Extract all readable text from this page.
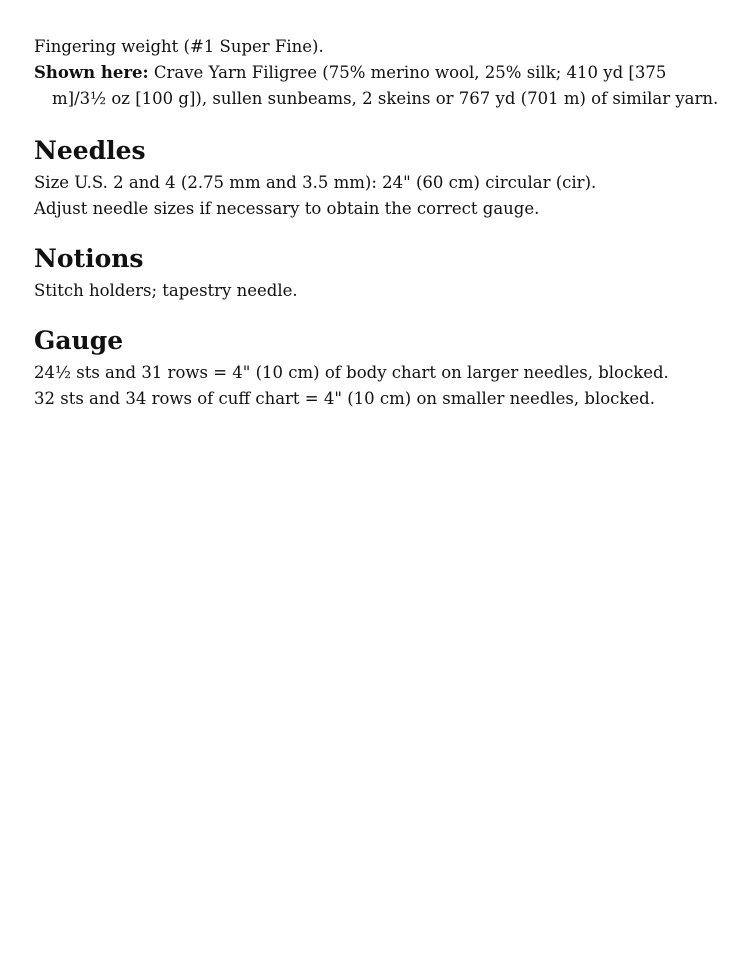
Fingering weight (#1 Super Fine).

Shown here: Crave Yarn Filigree (75% merino wool, 25% silk; 410 yd [375 m]/3½ oz [100 g]), sullen sunbeams, 2 skeins or 767 yd (701 m) of similar yarn.

Needles

Size U.S. 2 and 4 (2.75 mm and 3.5 mm): 24" (60 cm) circular (cir).

Adjust needle sizes if necessary to obtain the correct gauge.

Notions

Stitch holders; tapestry needle.

Gauge

24½ sts and 31 rows = 4" (10 cm) of body chart on larger needles, blocked.

32 sts and 34 rows of cuff chart = 4" (10 cm) on smaller needles, blocked.
